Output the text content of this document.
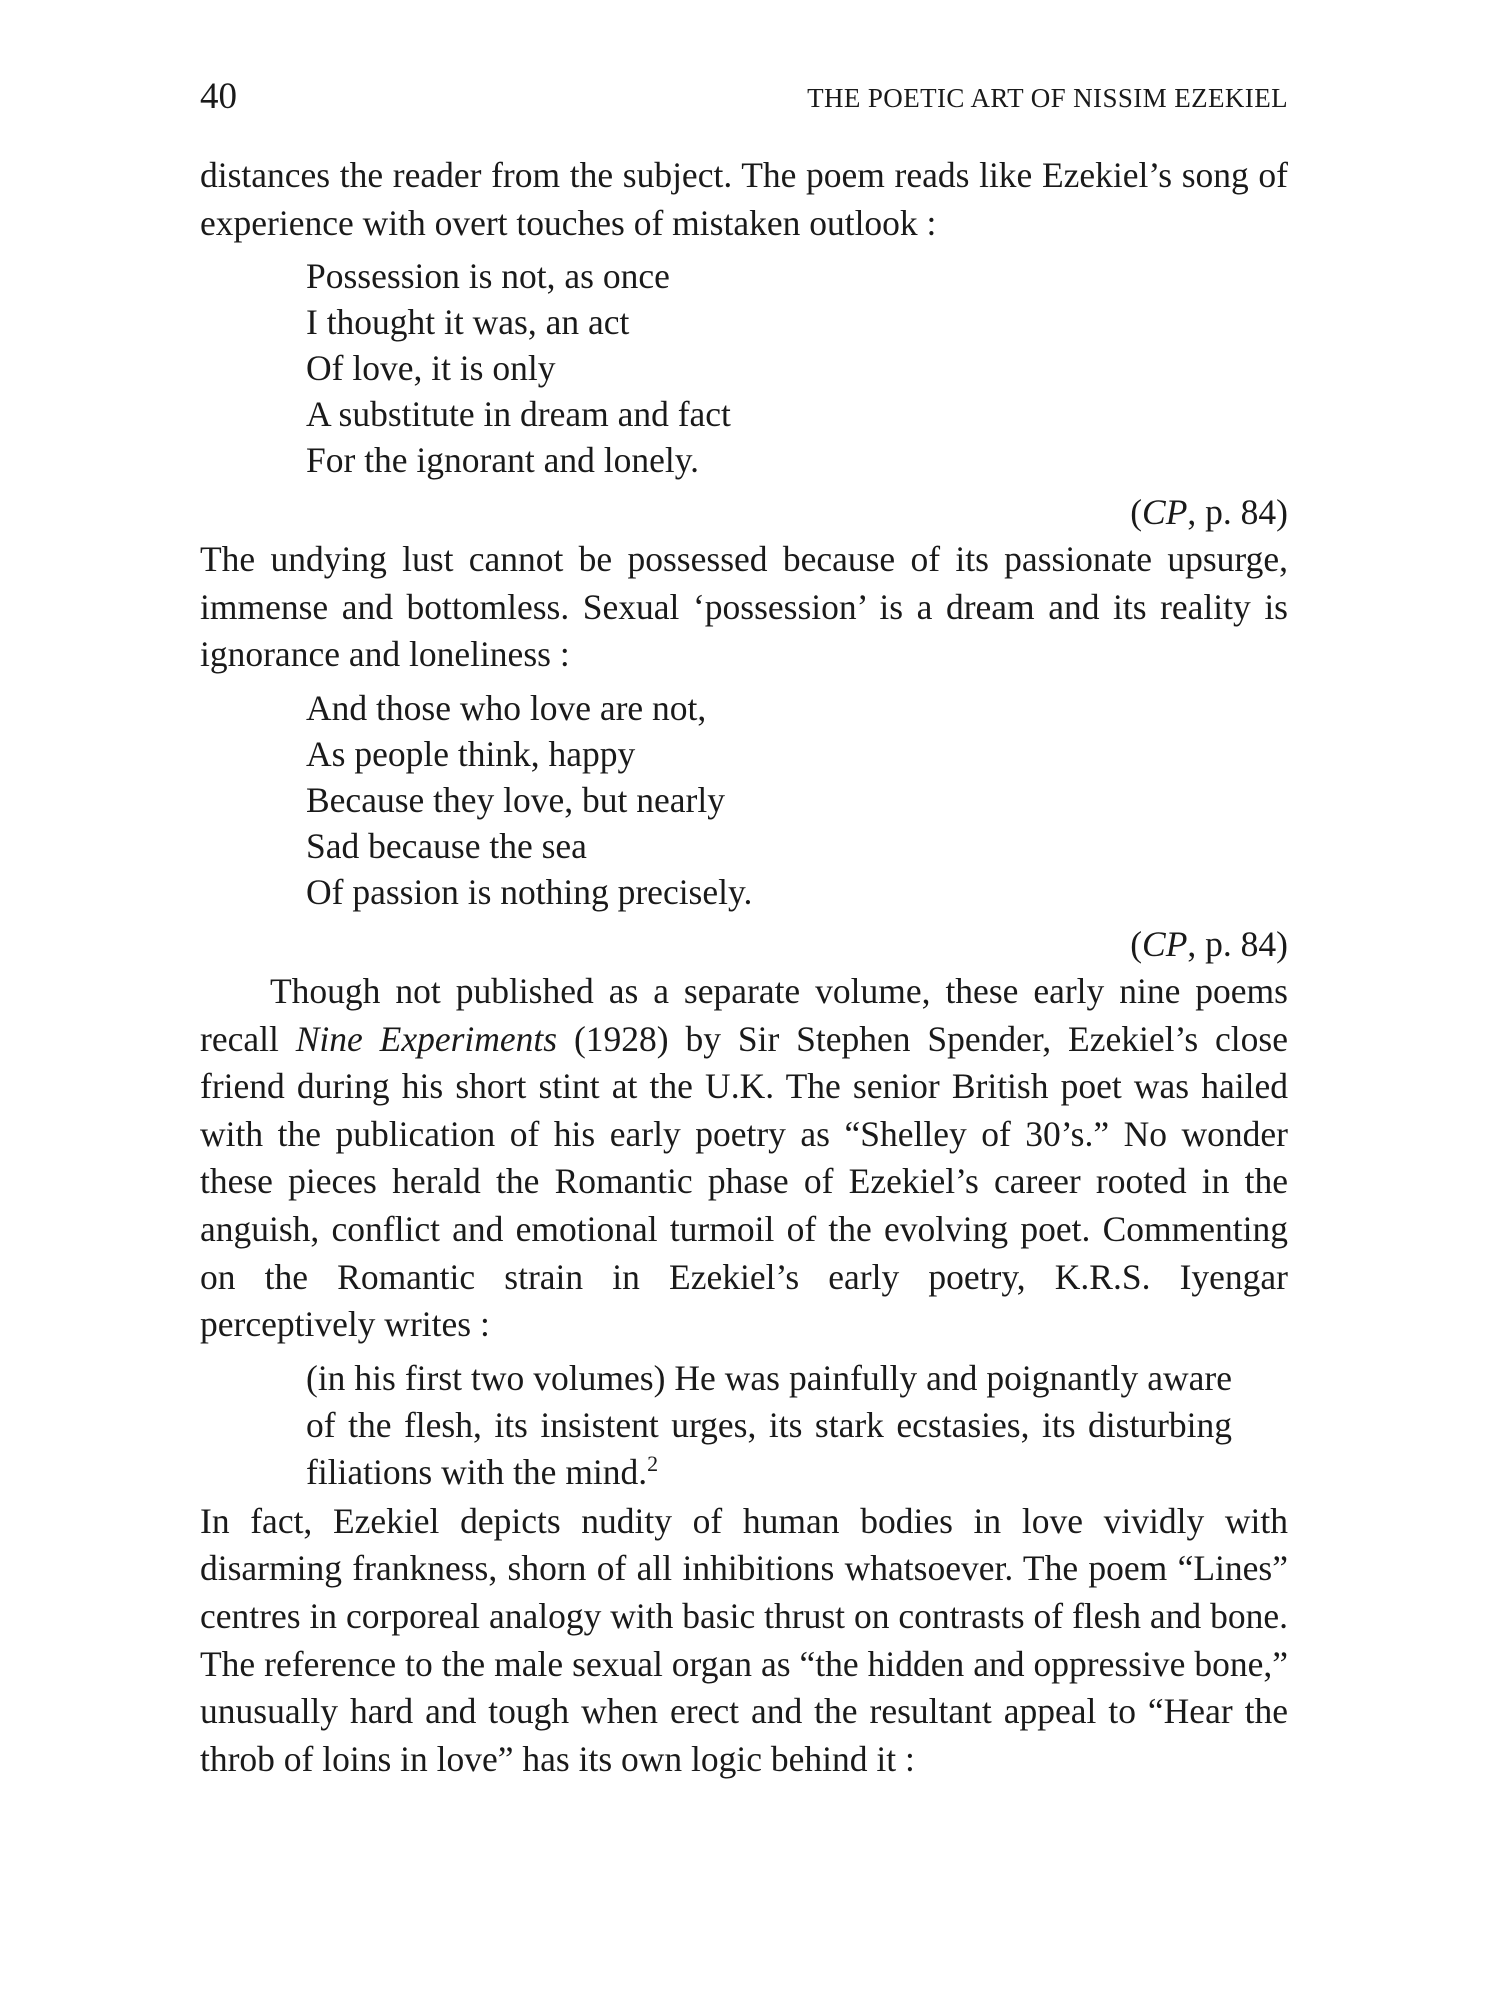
40	THE POETIC ART OF NISSIM EZEKIEL

distances the reader from the subject. The poem reads like Ezekiel’s song of experience with overt touches of mistaken outlook :

Possession is not, as once
I thought it was, an act
Of love, it is only
A substitute in dream and fact
For the ignorant and lonely.
(CP, p. 84)

The undying lust cannot be possessed because of its passionate upsurge, immense and bottomless. Sexual ‘possession’ is a dream and its reality is ignorance and loneliness :

And those who love are not,
As people think, happy
Because they love, but nearly
Sad because the sea
Of passion is nothing precisely.
(CP, p. 84)

Though not published as a separate volume, these early nine poems recall Nine Experiments (1928) by Sir Stephen Spender, Ezekiel’s close friend during his short stint at the U.K. The senior British poet was hailed with the publication of his early poetry as “Shelley of 30’s.” No wonder these pieces herald the Romantic phase of Ezekiel’s career rooted in the anguish, conflict and emotional turmoil of the evolving poet. Commenting on the Romantic strain in Ezekiel’s early poetry, K.R.S. Iyengar perceptively writes :

(in his first two volumes) He was painfully and poignantly aware of the flesh, its insistent urges, its stark ecstasies, its disturbing filiations with the mind.$^2$

In fact, Ezekiel depicts nudity of human bodies in love vividly with disarming frankness, shorn of all inhibitions whatsoever. The poem “Lines” centres in corporeal analogy with basic thrust on contrasts of flesh and bone. The reference to the male sexual organ as “the hidden and oppressive bone,” unusually hard and tough when erect and the resultant appeal to “Hear the throb of loins in love” has its own logic behind it :
